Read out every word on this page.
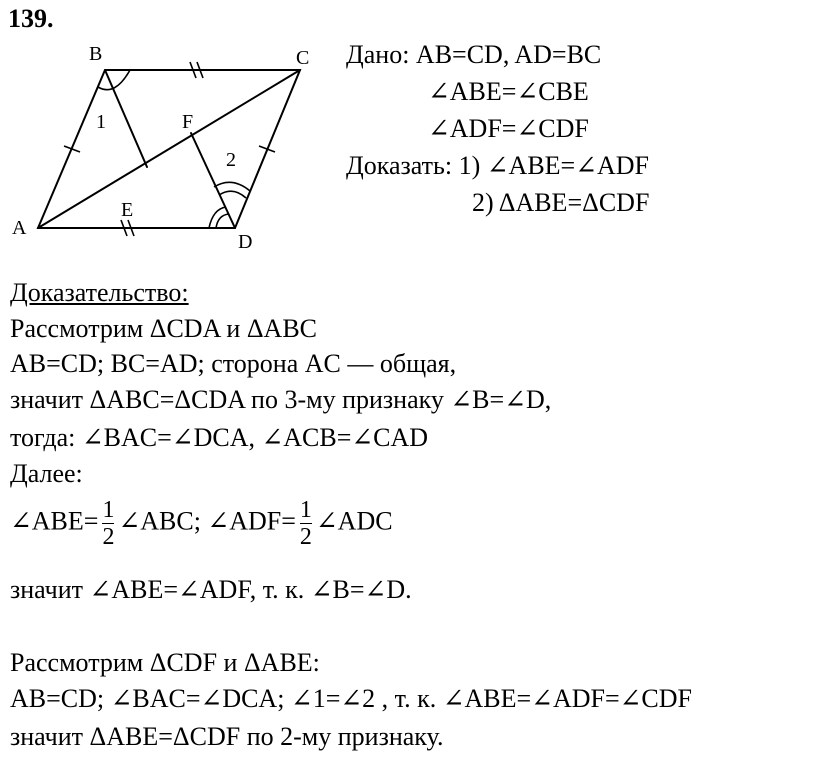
139.
A
B	C
D
E
F
1
2
Дано: AB=CD, AD=BC
∠ABE=∠CBE
∠ADF=∠CDF
Доказать: 1) ∠ABE=∠ADF
2) ΔABE=ΔCDF
Доказательство:
Рассмотрим ΔCDA и ΔABC
AB=CD; BC=AD; сторона AC — общая,
значит ΔABC=ΔCDA по 3-му признаку ∠B=∠D,
тогда: ∠BAC=∠DCA, ∠ACB=∠CAD
Далее:
∠ABE= $\frac{1}{2}$ ∠ABC; ∠ADF= $\frac{1}{2}$ ∠ADC
значит ∠ABE=∠ADF, т. к. ∠B=∠D.
Рассмотрим ΔCDF и ΔABE:
AB=CD; ∠BAC=∠DCA; ∠1=∠2 , т. к. ∠ABE=∠ADF=∠CDF
значит ΔABE=ΔCDF по 2-му признаку.
